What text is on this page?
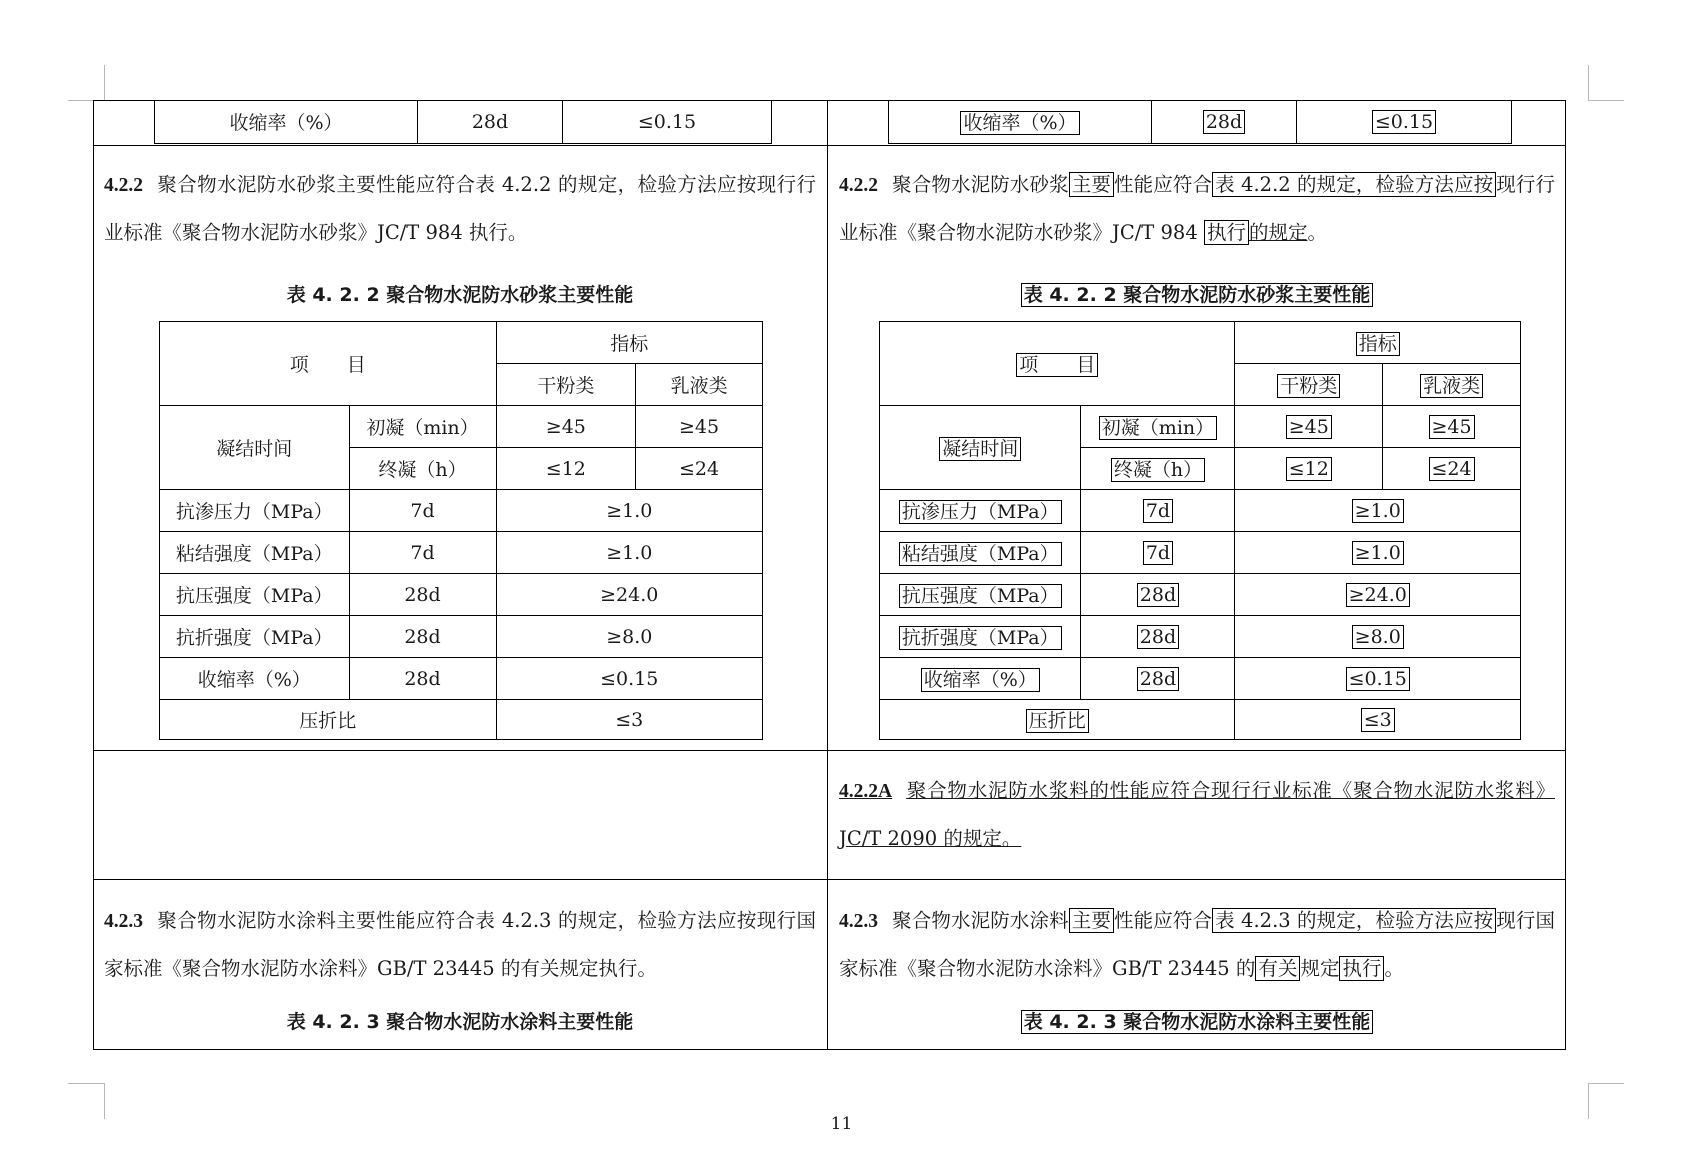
收缩率（%）	28d	≤0.15	收缩率（%）	28d	≤0.15
4.2.2 聚合物水泥防水砂浆主要性能应符合表 4.2.2 的规定，检验方法应按现行行业标准《聚合物水泥防水砂浆》JC/T 984 执行。
表 4. 2. 2 聚合物水泥防水砂浆主要性能
4.2.2 聚合物水泥防水砂浆 主要 性能应符合 表 4.2.2 的规定，检验方法应按 现行行业标准《聚合物水泥防水砂浆》JC/T 984 执行 的规定。
表 4. 2. 2 聚合物水泥防水砂浆主要性能
项　　目		指标	
		干粉类	乳液类
凝结时间	初凝（min）	≥45	≥45
	终凝（h）	≤12	≤24
抗渗压力（MPa）	7d	≥1.0	
粘结强度（MPa）	7d	≥1.0	
抗压强度（MPa）	28d	≥24.0	
抗折强度（MPa）	28d	≥8.0	
收缩率（%）	28d	≤0.15	
压折比		≤3	
项　　目		指标	
		干粉类	乳液类
凝结时间	初凝（min）	≥45	≥45
	终凝（h）	≤12	≤24
抗渗压力（MPa）	7d	≥1.0	
粘结强度（MPa）	7d	≥1.0	
抗压强度（MPa）	28d	≥24.0	
抗折强度（MPa）	28d	≥8.0	
收缩率（%）	28d	≤0.15	
压折比		≤3	
4.2.2A 聚合物水泥防水浆料的性能应符合现行行业标准《聚合物水泥防水浆料》JC/T 2090 的规定。
4.2.3 聚合物水泥防水涂料主要性能应符合表 4.2.3 的规定，检验方法应按现行国家标准《聚合物水泥防水涂料》GB/T 23445 的有关规定执行。
表 4. 2. 3 聚合物水泥防水涂料主要性能
4.2.3 聚合物水泥防水涂料 主要 性能应符合 表 4.2.3 的规定，检验方法应按 现行国家标准《聚合物水泥防水涂料》GB/T 23445 的 有关 规定 执行 。
表 4. 2. 3 聚合物水泥防水涂料主要性能
11
